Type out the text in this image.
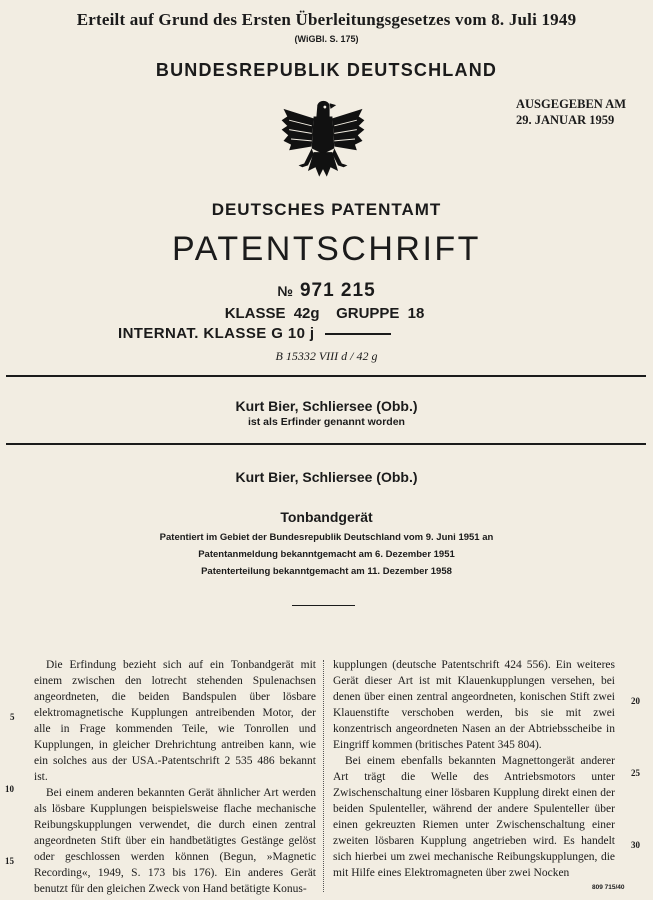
Erteilt auf Grund des Ersten Überleitungsgesetzes vom 8. Juli 1949
(WiGBl. S. 175)
BUNDESREPUBLIK DEUTSCHLAND
AUSGEGEBEN AM
29. JANUAR 1959
DEUTSCHES PATENTAMT
PATENTSCHRIFT
№ 971 215
KLASSE 42g GRUPPE 18
INTERNAT. KLASSE G 10 j
B 15332 VIII d / 42 g
Kurt Bier, Schliersee (Obb.)
ist als Erfinder genannt worden
Kurt Bier, Schliersee (Obb.)
Tonbandgerät
Patentiert im Gebiet der Bundesrepublik Deutschland vom 9. Juni 1951 an
Patentanmeldung bekanntgemacht am 6. Dezember 1951
Patenterteilung bekanntgemacht am 11. Dezember 1958

Die Erfindung bezieht sich auf ein Tonbandgerät mit einem zwischen den lotrecht stehenden Spulenachsen angeordneten, die beiden Bandspulen über lösbare elektromagnetische Kupplungen antreibenden Motor, der alle in Frage kommenden Teile, wie Tonrollen und Kupplungen, in gleicher Drehrichtung antreiben kann, wie ein solches aus der USA.-Patentschrift 2 535 486 bekannt ist.

Bei einem anderen bekannten Gerät ähnlicher Art werden als lösbare Kupplungen beispielsweise flache mechanische Reibungskupplungen verwendet, die durch einen zentral angeordneten Stift über ein handbetätigtes Gestänge gelöst oder geschlossen werden können (Begun, »Magnetic Recording«, 1949, S. 173 bis 176). Ein anderes Gerät benutzt für den gleichen Zweck von Hand betätigte Konus-

kupplungen (deutsche Patentschrift 424 556). Ein weiteres Gerät dieser Art ist mit Klauenkupplungen versehen, bei denen über einen zentral angeordneten, konischen Stift zwei Klauenstifte verschoben werden, bis sie mit zwei konzentrisch angeordneten Nasen an der Abtriebsscheibe in Eingriff kommen (britisches Patent 345 804).

Bei einem ebenfalls bekannten Magnettongerät anderer Art trägt die Welle des Antriebsmotors unter Zwischenschaltung einer lösbaren Kupplung direkt einen der beiden Spulenteller, während der andere Spulenteller über einen gekreuzten Riemen unter Zwischenschaltung einer zweiten lösbaren Kupplung angetrieben wird. Es handelt sich hierbei um zwei mechanische Reibungskupplungen, die mit Hilfe eines Elektromagneten über zwei Nocken

5
10
15
20
25
30
809 715/40
